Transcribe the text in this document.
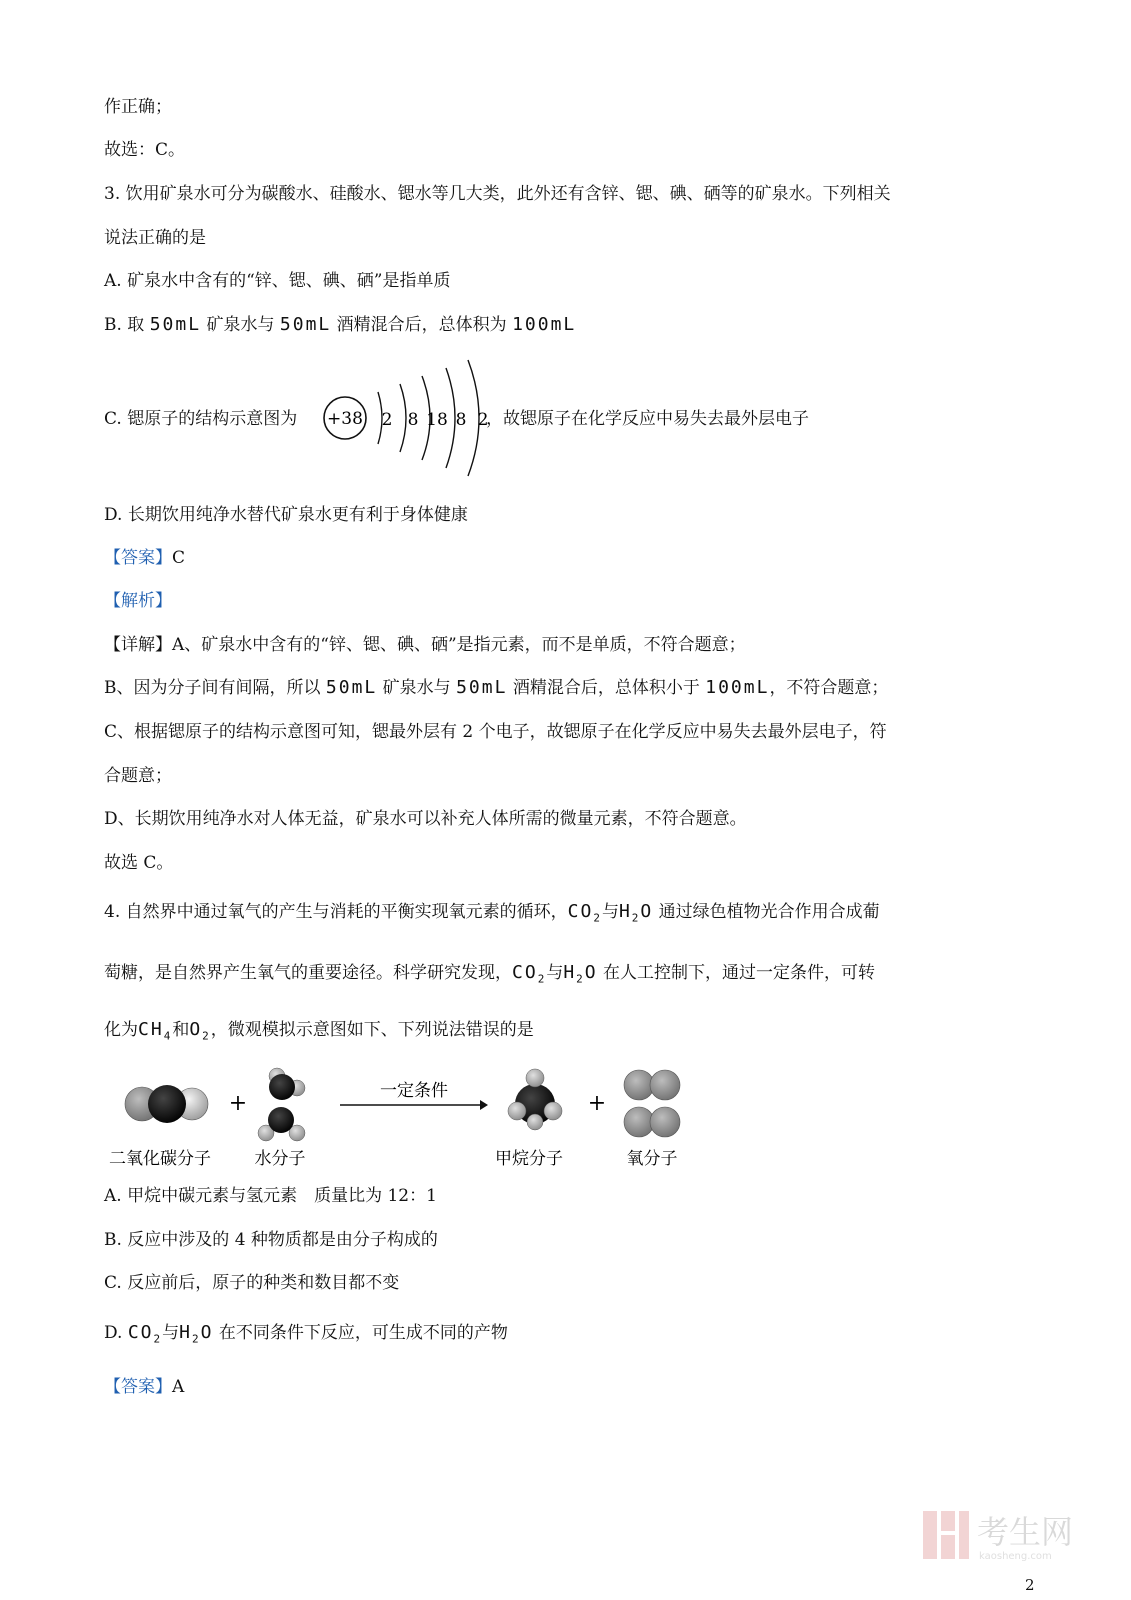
作正确；
故选：C。
3. 饮用矿泉水可分为碳酸水、硅酸水、锶水等几大类，此外还有含锌、锶、碘、硒等的矿泉水。下列相关
说法正确的是
A. 矿泉水中含有的“锌、锶、碘、硒”是指单质
B. 取 50mL 矿泉水与 50mL 酒精混合后，总体积为 100mL
C. 锶原子的结构示意图为 +38 2 8 18 8 2
，故锶原子在化学反应中易失去最外层电子
D. 长期饮用纯净水替代矿泉水更有利于身体健康
【答案】C
【解析】
【详解】A、矿泉水中含有的“锌、锶、碘、硒”是指元素，而不是单质，不符合题意；
B、因为分子间有间隔，所以 50mL 矿泉水与 50mL 酒精混合后，总体积小于 100mL，不符合题意；
C、根据锶原子的结构示意图可知，锶最外层有 2 个电子，故锶原子在化学反应中易失去最外层电子，符
合题意；
D、长期饮用纯净水对人体无益，矿泉水可以补充人体所需的微量元素，不符合题意。
故选 C。
4. 自然界中通过氧气的产生与消耗的平衡实现氧元素的循环，$CO_2$与$H_2O$ 通过绿色植物光合作用合成葡
萄糖，是自然界产生氧气的重要途径。科学研究发现，$CO_2$与$H_2O$ 在人工控制下，通过一定条件，可转
化为$CH_4$和$O_2$，微观模拟示意图如下、下列说法错误的是
+	一定条件	+
二氧化碳分子	水分子	甲烷分子	氧分子
A. 甲烷中碳元素与氢元素　质量比为 12：1
B. 反应中涉及的 4 种物质都是由分子构成的
C. 反应前后，原子的种类和数目都不变
D. $CO_2$与$H_2O$ 在不同条件下反应，可生成不同的产物
【答案】A
考生网
kaosheng.com
2
